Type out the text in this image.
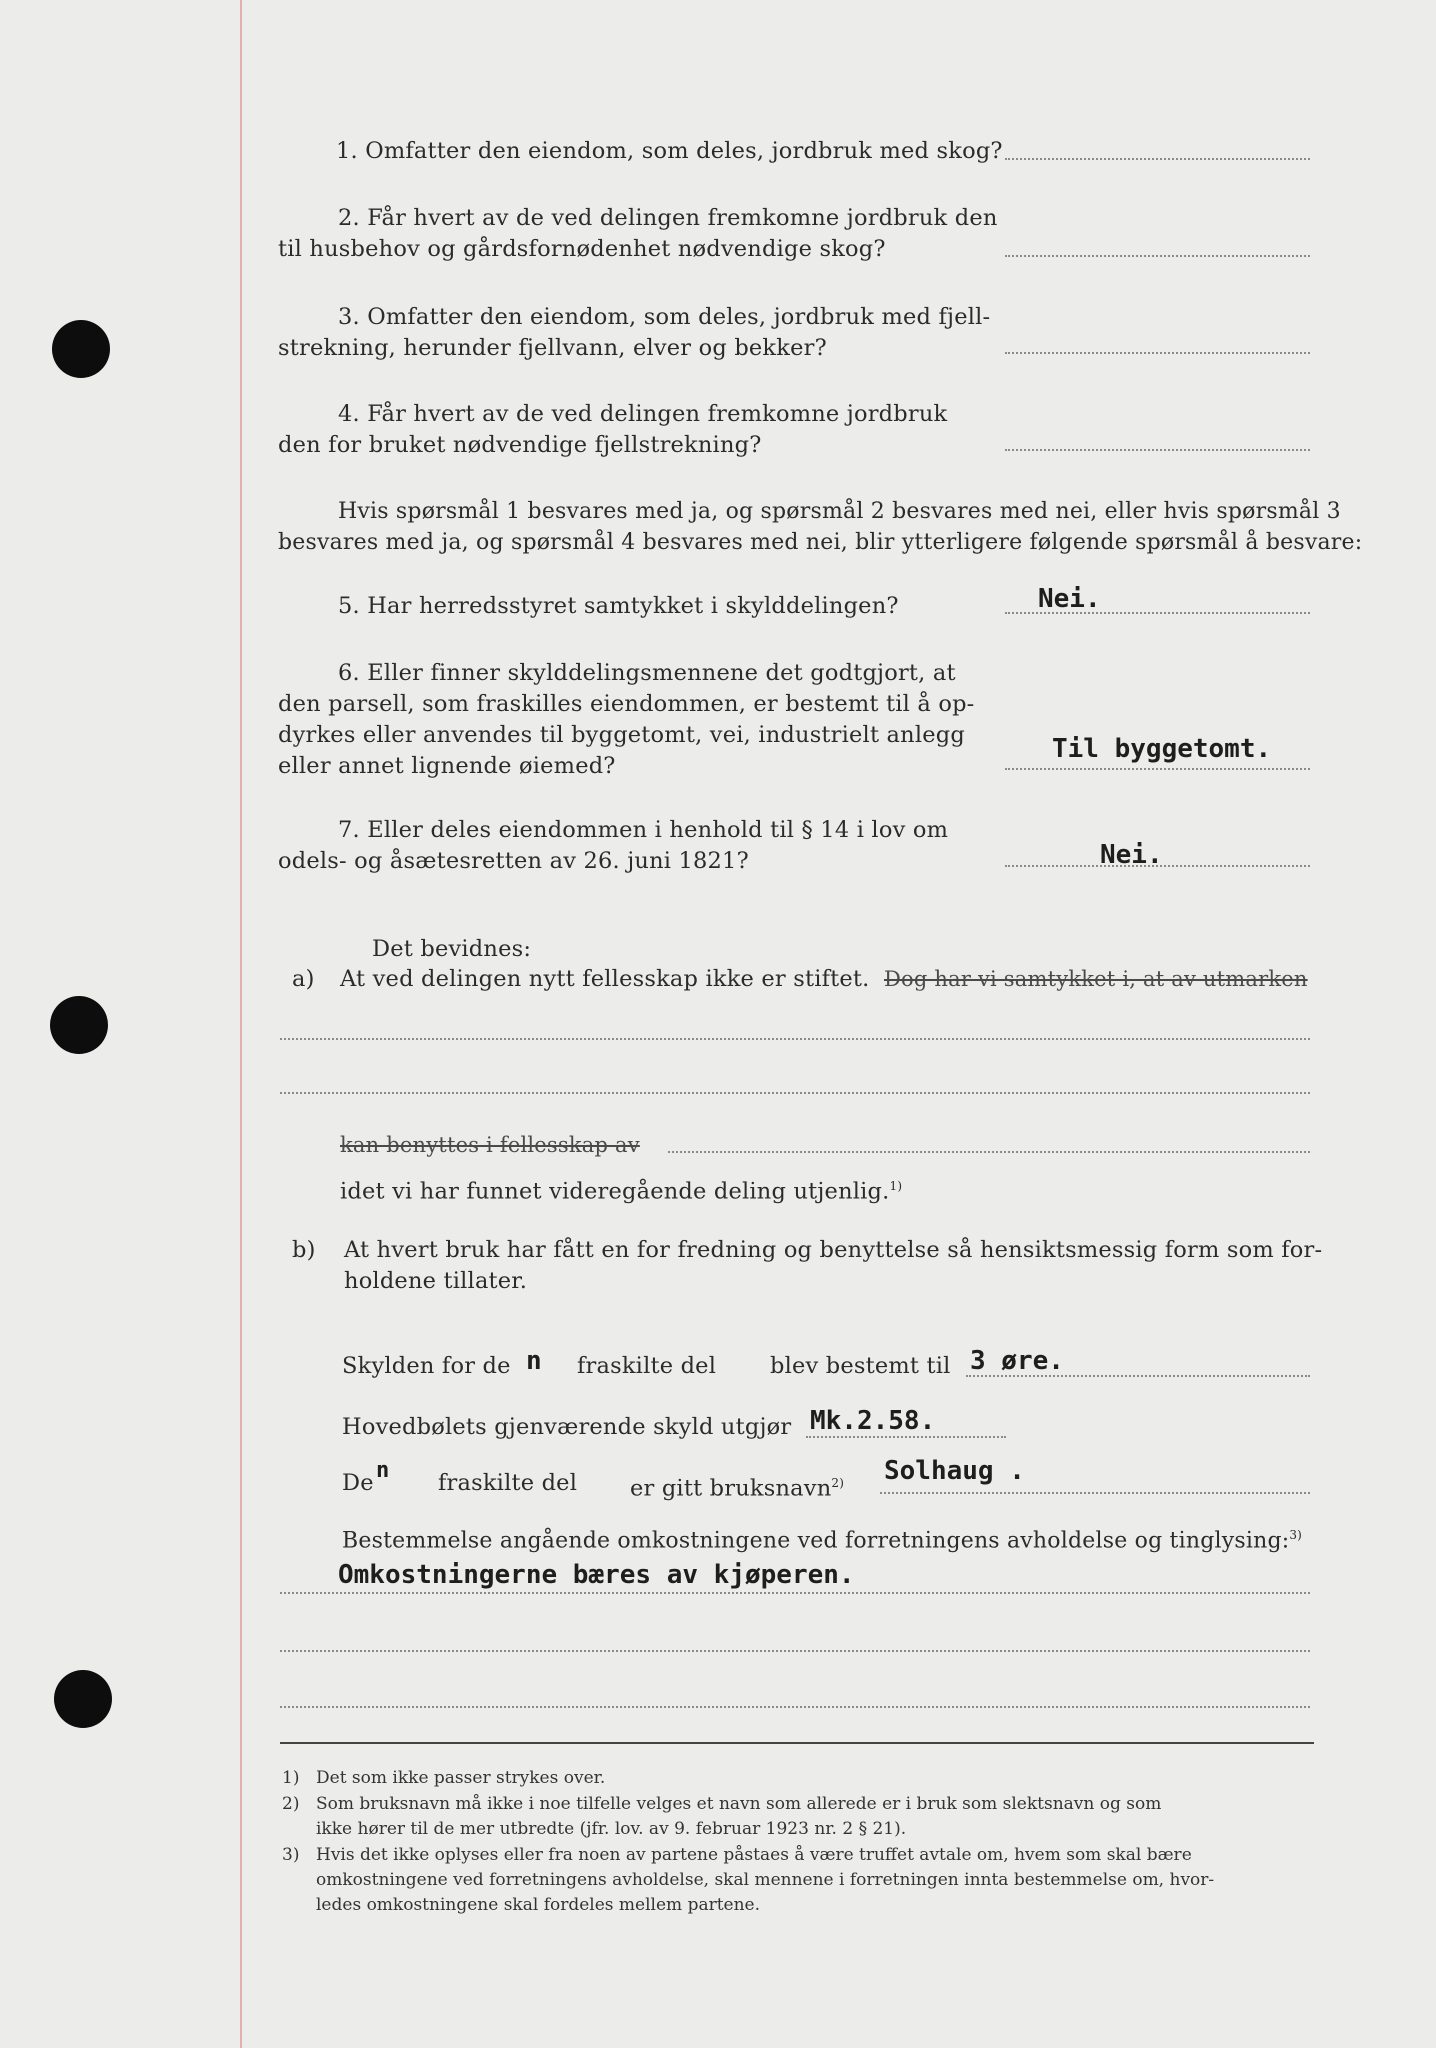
1. Omfatter den eiendom, som deles, jordbruk med skog?
2. Får hvert av de ved delingen fremkomne jordbruk den
til husbehov og gårdsfornødenhet nødvendige skog?
3. Omfatter den eiendom, som deles, jordbruk med fjell-
strekning, herunder fjellvann, elver og bekker?
4. Får hvert av de ved delingen fremkomne jordbruk
den for bruket nødvendige fjellstrekning?
Hvis spørsmål 1 besvares med ja, og spørsmål 2 besvares med nei, eller hvis spørsmål 3
besvares med ja, og spørsmål 4 besvares med nei, blir ytterligere følgende spørsmål å besvare:
5. Har herredsstyret samtykket i skylddelingen?	Nei.
6. Eller finner skylddelingsmennene det godtgjort, at
den parsell, som fraskilles eiendommen, er bestemt til å op-
dyrkes eller anvendes til byggetomt, vei, industrielt anlegg
eller annet lignende øiemed?
Til byggetomt.
7. Eller deles eiendommen i henhold til § 14 i lov om
odels- og åsætesretten av 26. juni 1821?	Nei.
Det bevidnes:
a) At ved delingen nytt fellesskap ikke er stiftet. Dog har vi samtykket i, at av utmarken
kan benyttes i fellesskap av
idet vi har funnet videregående deling utjenlig.$^{1)}$
b) At hvert bruk har fått en for fredning og benyttelse så hensiktsmessig form som for-
holdene tillater.
Skylden for de n fraskilte del blev bestemt til 3 øre.
Hovedbølets gjenværende skyld utgjør Mk.2.58.
De n fraskilte del er gitt bruksnavn$^{2)}$ Solhaug .
Bestemmelse angående omkostningene ved forretningens avholdelse og tinglysing:$^{3)}$
Omkostningerne bæres av kjøperen.
1) Det som ikke passer strykes over.
2) Som bruksnavn må ikke i noe tilfelle velges et navn som allerede er i bruk som slektsnavn og som
ikke hører til de mer utbredte (jfr. lov. av 9. februar 1923 nr. 2 § 21).
3) Hvis det ikke oplyses eller fra noen av partene påstaes å være truffet avtale om, hvem som skal bære
omkostningene ved forretningens avholdelse, skal mennene i forretningen innta bestemmelse om, hvor-
ledes omkostningene skal fordeles mellem partene.
